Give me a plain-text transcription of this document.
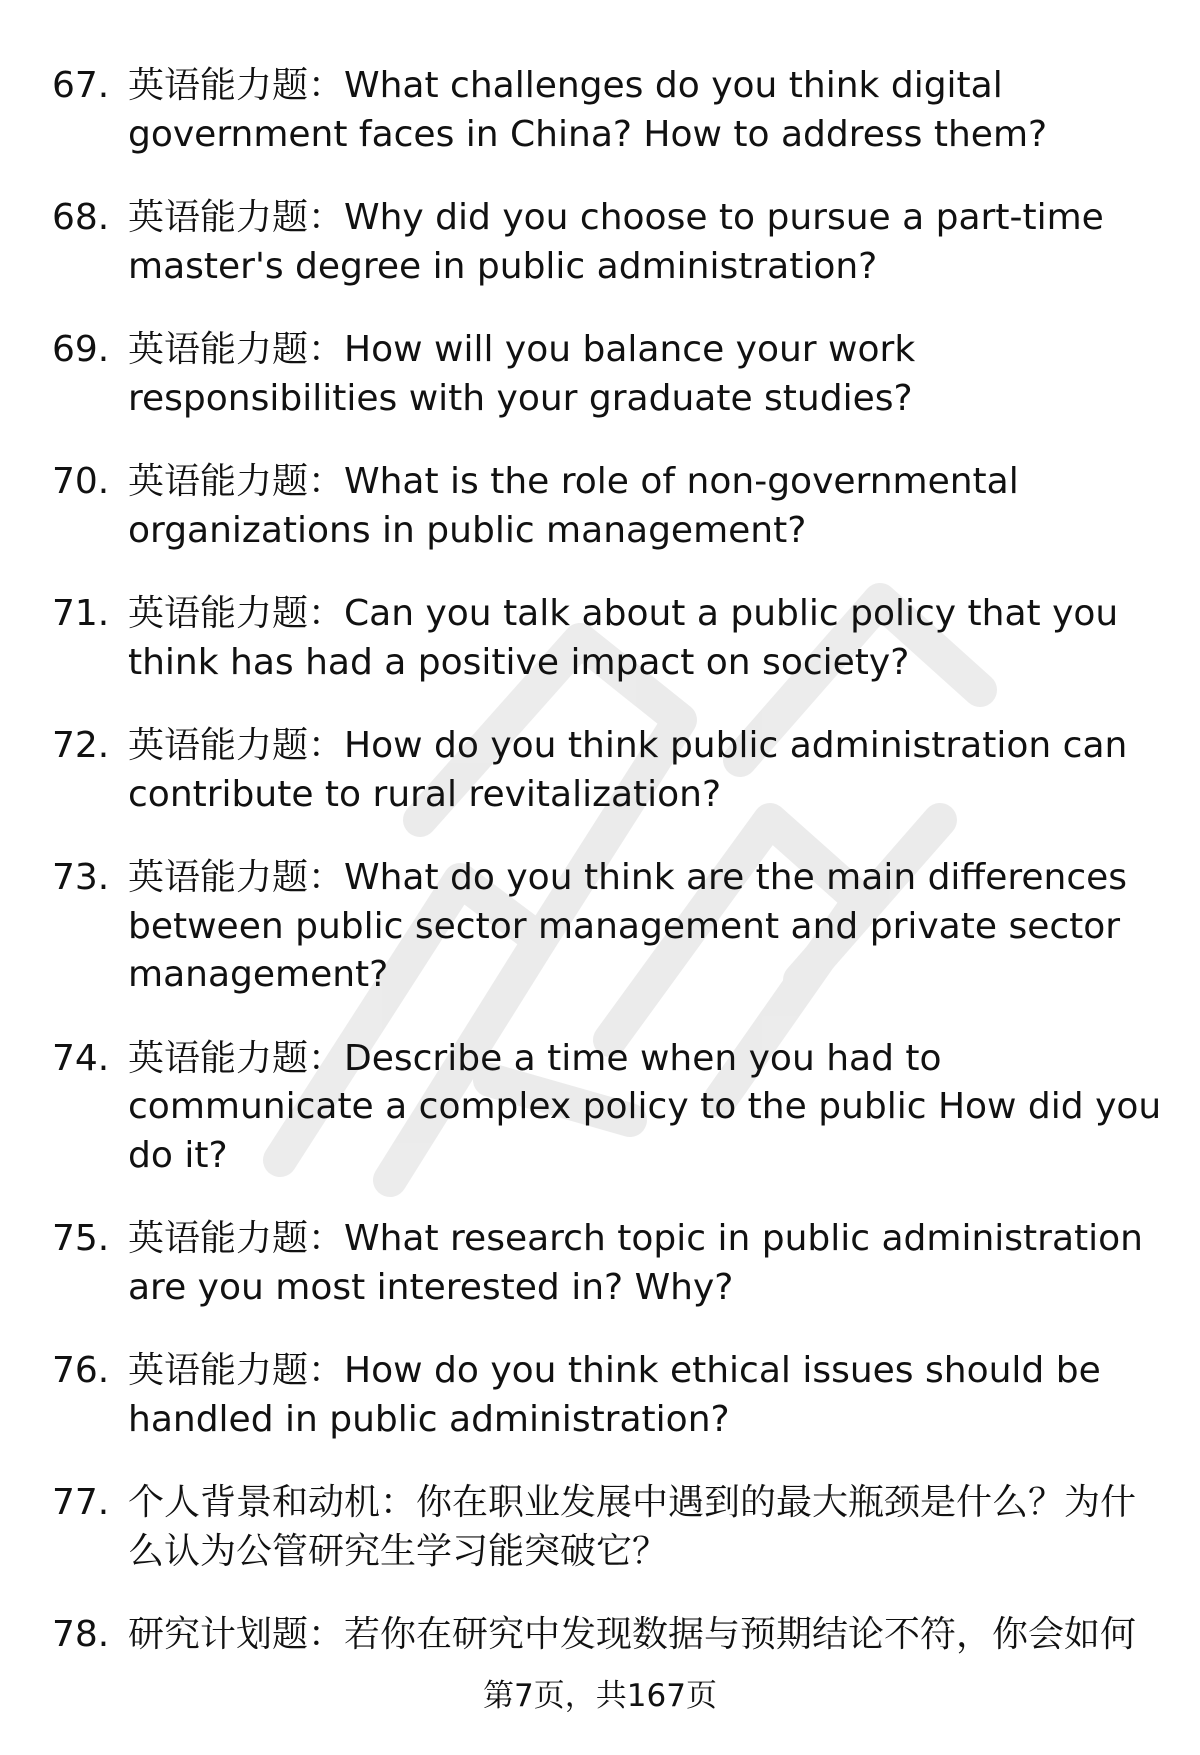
67. 英语能力题：What challenges do you think digital government faces in China? How to address them?
68. 英语能力题：Why did you choose to pursue a part-time master's degree in public administration?
69. 英语能力题：How will you balance your work responsibilities with your graduate studies?
70. 英语能力题：What is the role of non-governmental organizations in public management?
71. 英语能力题：Can you talk about a public policy that you think has had a positive impact on society?
72. 英语能力题：How do you think public administration can contribute to rural revitalization?
73. 英语能力题：What do you think are the main differences between public sector management and private sector management?
74. 英语能力题：Describe a time when you had to communicate a complex policy to the public How did you do it?
75. 英语能力题：What research topic in public administration are you most interested in? Why?
76. 英语能力题：How do you think ethical issues should be handled in public administration?
77. 个人背景和动机：你在职业发展中遇到的最大瓶颈是什么？为什么认为公管研究生学习能突破它？
78. 研究计划题：若你在研究中发现数据与预期结论不符，你会如何
第7页，共167页
